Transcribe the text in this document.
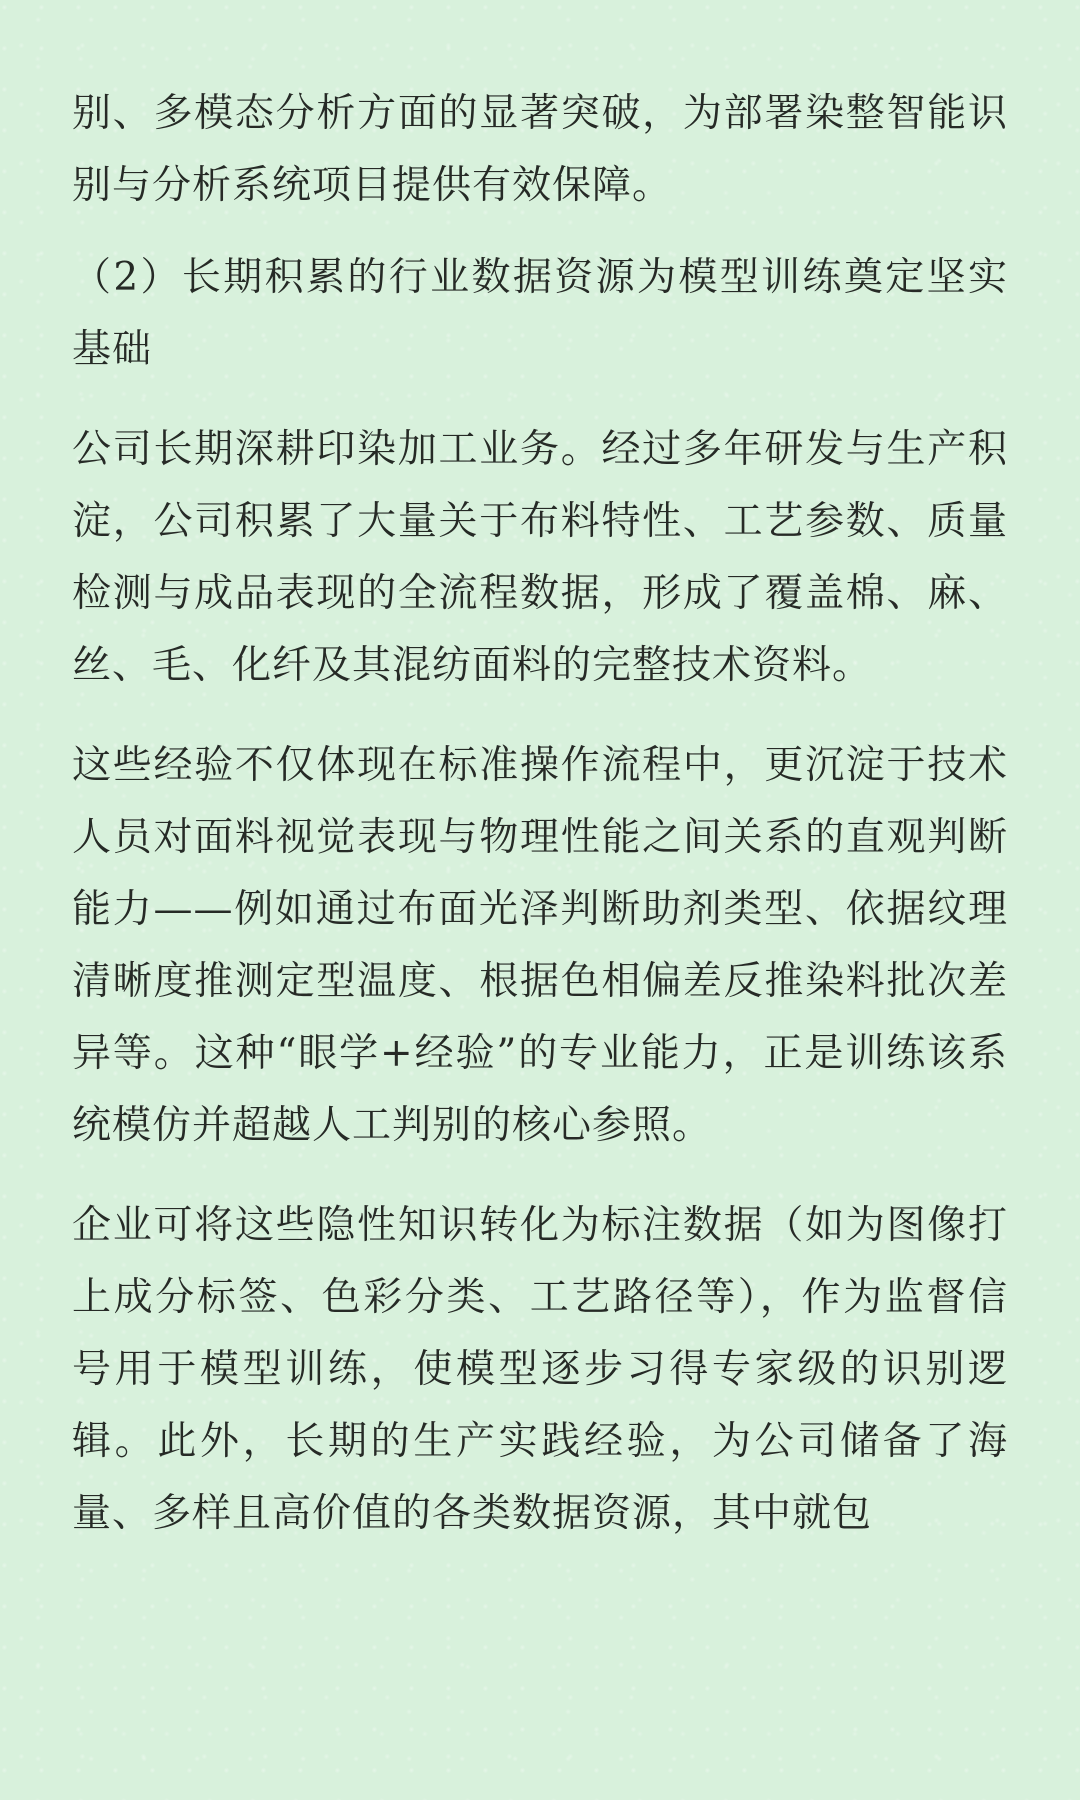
别、多模态分析方面的显著突破，为部署染整智能识别与分析系统项目提供有效保障。

（2）长期积累的行业数据资源为模型训练奠定坚实基础

公司长期深耕印染加工业务。经过多年研发与生产积淀，公司积累了大量关于布料特性、工艺参数、质量检测与成品表现的全流程数据，形成了覆盖棉、麻、丝、毛、化纤及其混纺面料的完整技术资料。

这些经验不仅体现在标准操作流程中，更沉淀于技术人员对面料视觉表现与物理性能之间关系的直观判断能力——例如通过布面光泽判断助剂类型、依据纹理清晰度推测定型温度、根据色相偏差反推染料批次差异等。这种“眼学+经验”的专业能力，正是训练该系统模仿并超越人工判别的核心参照。

企业可将这些隐性知识转化为标注数据（如为图像打上成分标签、色彩分类、工艺路径等），作为监督信号用于模型训练，使模型逐步习得专家级的识别逻辑。此外，长期的生产实践经验，为公司储备了海量、多样且高价值的各类数据资源，其中就包
